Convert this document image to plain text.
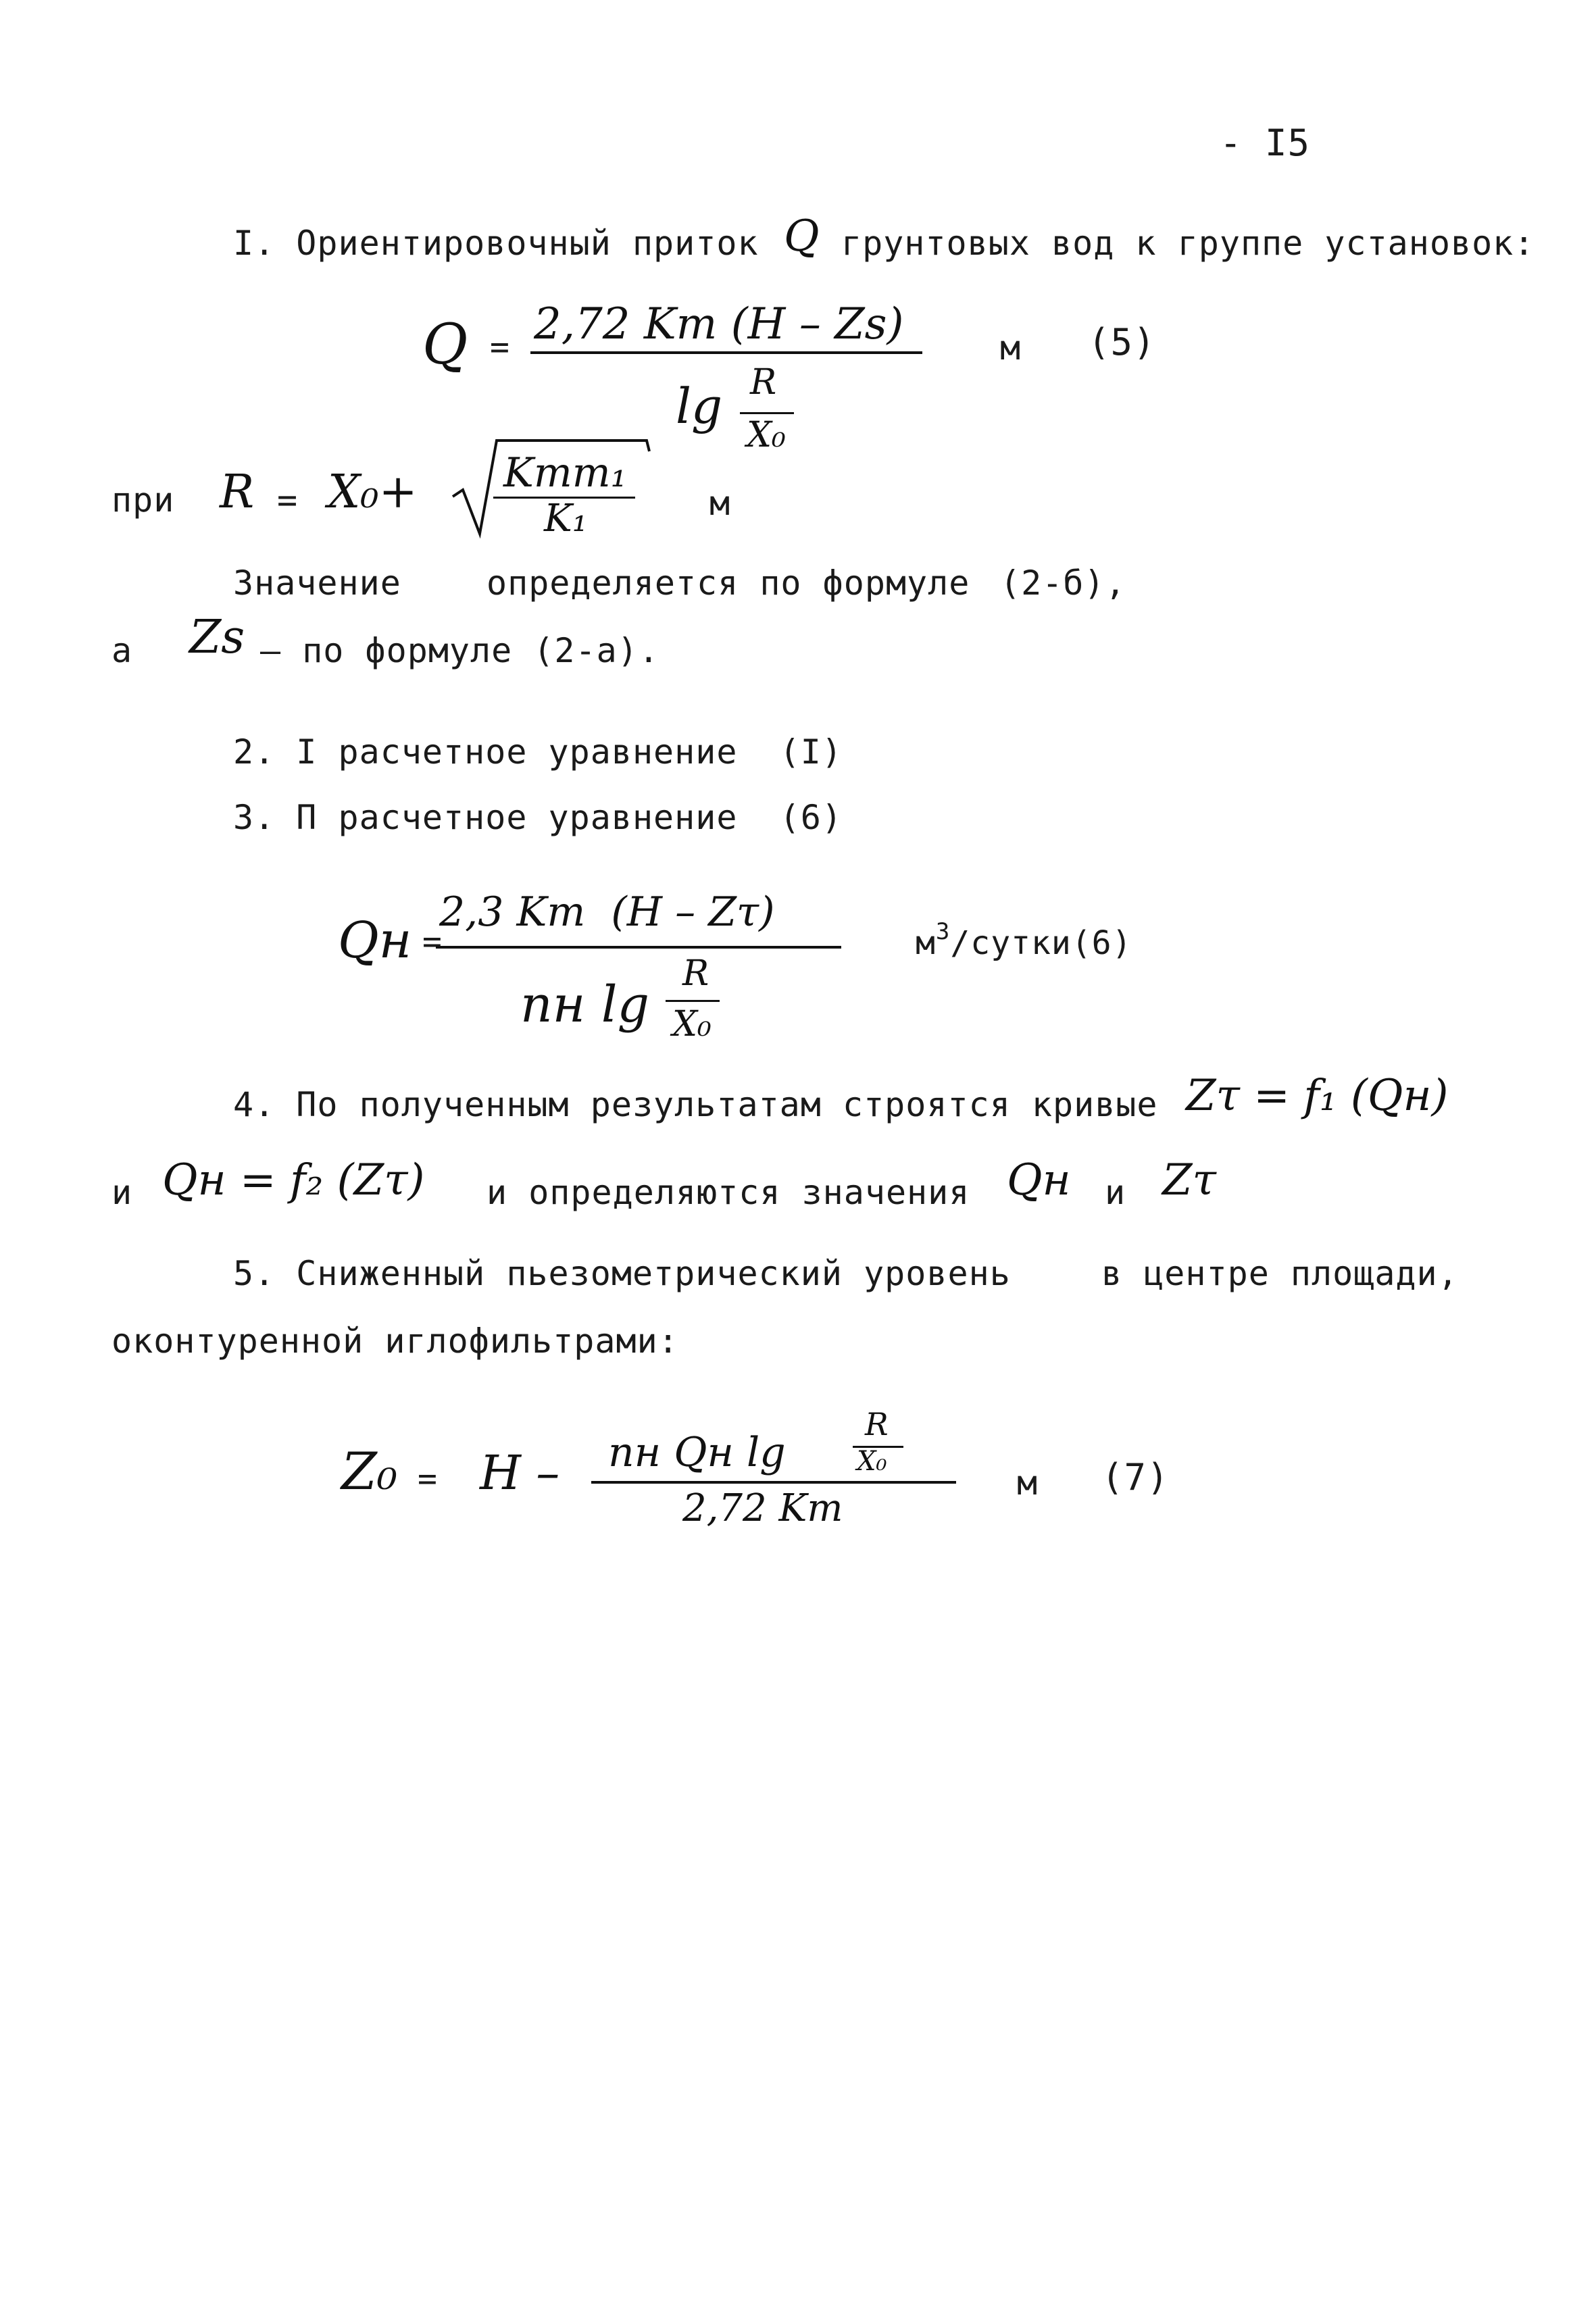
- I5
I. Ориентировочный приток Q грунтовых вод к группе установок:
Q = 2,72 Km (H – Zs)
lg R
X₀
м (5)
при R = X₀+ Kmm₁
K₁	м
Значение	определяется по формуле (2-б),
а Zs – по формуле (2-а).
2. I расчетное уравнение  (I)
3. П расчетное уравнение  (6)
Qн =
2,3 Km  (H – Zτ)
nн lg
R
X₀
$м^3/сутки(6)$
4. По полученным результатам строятся кривые Zτ = f₁ (Qн)
и Qн = f₂ (Zτ) и определяются значения Qн и Zτ
5. Сниженный пьезометрический уровень	в центре площади,
оконтуренной иглофильтрами:
Z₀ = H – nн Qн lg
R
X₀
2,72 Km
м (7)
